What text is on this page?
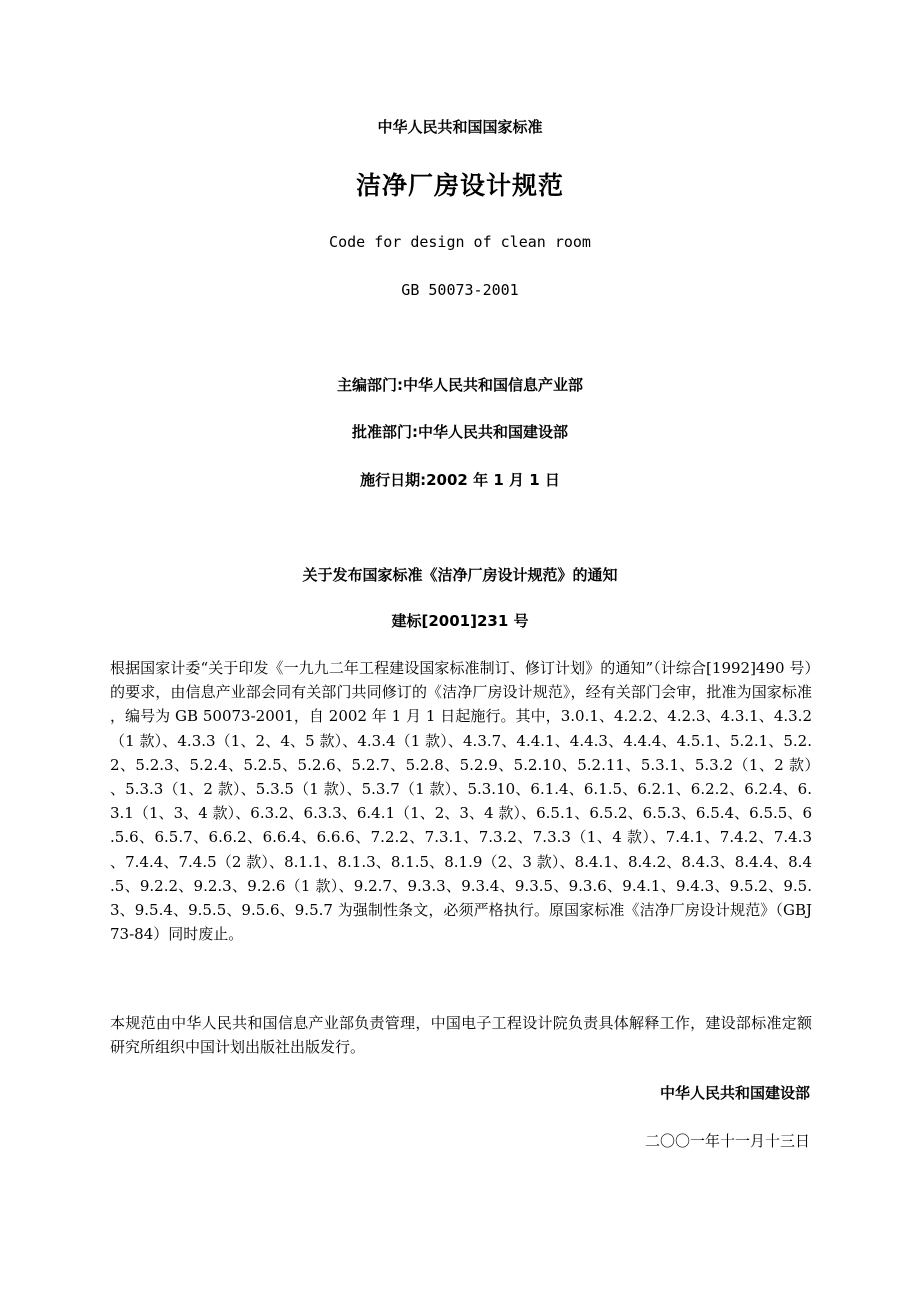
中华人民共和国国家标准
洁净厂房设计规范
Code for design of clean room
GB 50073-2001
主编部门:中华人民共和国信息产业部
批准部门:中华人民共和国建设部
施行日期:2002 年 1 月 1 日
关于发布国家标准《洁净厂房设计规范》的通知
建标[2001]231 号
根据国家计委“关于印发《一九九二年工程建设国家标准制订、修订计划》的通知”（计综合[1992]490 号）的要求，由信息产业部会同有关部门共同修订的《洁净厂房设计规范》，经有关部门会审，批准为国家标准，编号为 GB 50073-2001，自 2002 年 1 月 1 日起施行。其中，3.0.1、4.2.2、4.2.3、4.3.1、4.3.2（1 款）、4.3.3（1、2、4、5 款）、4.3.4（1 款）、4.3.7、4.4.1、4.4.3、4.4.4、4.5.1、5.2.1、5.2.2、5.2.3、5.2.4、5.2.5、5.2.6、5.2.7、5.2.8、5.2.9、5.2.10、5.2.11、5.3.1、5.3.2（1、2 款）、5.3.3（1、2 款）、5.3.5（1 款）、5.3.7（1 款）、5.3.10、6.1.4、6.1.5、6.2.1、6.2.2、6.2.4、6.3.1（1、3、4 款）、6.3.2、6.3.3、6.4.1（1、2、3、4 款）、6.5.1、6.5.2、6.5.3、6.5.4、6.5.5、6.5.6、6.5.7、6.6.2、6.6.4、6.6.6、7.2.2、7.3.1、7.3.2、7.3.3（1、4 款）、7.4.1、7.4.2、7.4.3、7.4.4、7.4.5（2 款）、8.1.1、8.1.3、8.1.5、8.1.9（2、3 款）、8.4.1、8.4.2、8.4.3、8.4.4、8.4.5、9.2.2、9.2.3、9.2.6（1 款）、9.2.7、9.3.3、9.3.4、9.3.5、9.3.6、9.4.1、9.4.3、9.5.2、9.5.3、9.5.4、9.5.5、9.5.6、9.5.7 为强制性条文，必须严格执行。原国家标准《洁净厂房设计规范》（GBJ 73-84）同时废止。
本规范由中华人民共和国信息产业部负责管理，中国电子工程设计院负责具体解释工作，建设部标准定额研究所组织中国计划出版社出版发行。
中华人民共和国建设部
二〇〇一年十一月十三日
